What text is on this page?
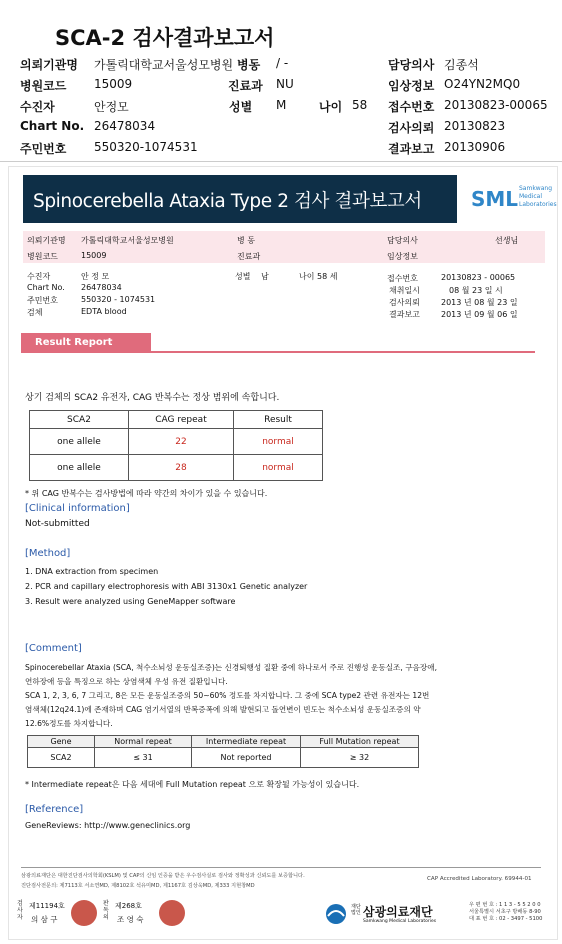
SCA-2 검사결과보고서
의뢰기관명 가톨릭대학교서울성모병원 병동 / -	담당의사 김종석
병원코드 15009	진료과 NU	임상정보 O24YN2MQ0
수진자	안정모	성별 M	나이 58 접수번호 20130823-00065
Chart No. 26478034	검사의뢰 20130823
주민번호 550320-1074531	결과보고 20130906
Spinocerebella Ataxia Type 2 검사 결과보고서 SML Samkwang
Medical
Laboratories
의뢰기관명 가톨릭대학교서울성모병원	병 동	담당의사	선생님
병원코드	15009	진료과	임상정보
수진자	안 정 모	성별 남	나이 58 세
Chart No. 26478034
주민번호	550320 - 1074531
검체	EDTA blood
접수번호	20130823 - 00065
채취일시	08 월 23 일 시
검사의뢰	2013 년 08 월 23 일
결과보고	2013 년 09 월 06 일
Result Report
상기 검체의 SCA2 유전자, CAG 반복수는 정상 범위에 속합니다.
SCA2	CAG repeat	Result
one allele	22	normal
one allele	28	normal
* 위 CAG 반복수는 검사방법에 따라 약간의 차이가 있을 수 있습니다.
[Clinical information]
Not-submitted
[Method]
1. DNA extraction from specimen
2. PCR and capillary electrophoresis with ABI 3130x1 Genetic analyzer
3. Result were analyzed using GeneMapper software
[Comment]
Spinocerebellar Ataxia (SCA, 척수소뇌성 운동실조증)는 신경퇴행성 질환 중에 하나로서 주로 진행성 운동실조, 구음장애,
연하장애 등을 특징으로 하는 상염색체 우성 유전 질환입니다.
SCA 1, 2, 3, 6, 7 그리고, 8은 모든 운동실조증의 50~60% 정도를 차지합니다. 그 중에 SCA type2 관련 유전자는 12번
염색체(12q24.1)에 존재하며 CAG 염기서열의 반복증폭에 의해 발현되고 돌연변이 빈도는 척수소뇌성 운동실조증의 약
12.6%정도를 차지합니다.
Gene	Normal repeat	Intermediate repeat	Full Mutation repeat
SCA2	≤ 31	Not reported	≥ 32
* Intermediate repeat은 다음 세대에 Full Mutation repeat 으로 확장될 가능성이 있습니다.
[Reference]
GeneReviews: http://www.geneclinics.org
삼광의료재단은 대한진단검사의학회(KSLM) 및 CAP의 신임 인증을 받은 우수검사실로 검사와 정확성과 신뢰도를 보증합니다.
진단검사전문의: 제7113호 서소연MD, 제8102호 석유미MD, 제1167호 김상욱MD, 제333 지현창MD
CAP Accredited Laboratory. 69944-01
검사자
제11194호
의 삼 구
판독의
제268호
조 영 숙
재단법인 삼광의료재단
Samkwang Medical Laboratories
우 편 번 호 : 1 1 3 - 5 5 2 0 0
서울특별시 서초구 방배동 8-90
대 표 번 호 : 02 - 3497 - 5100
